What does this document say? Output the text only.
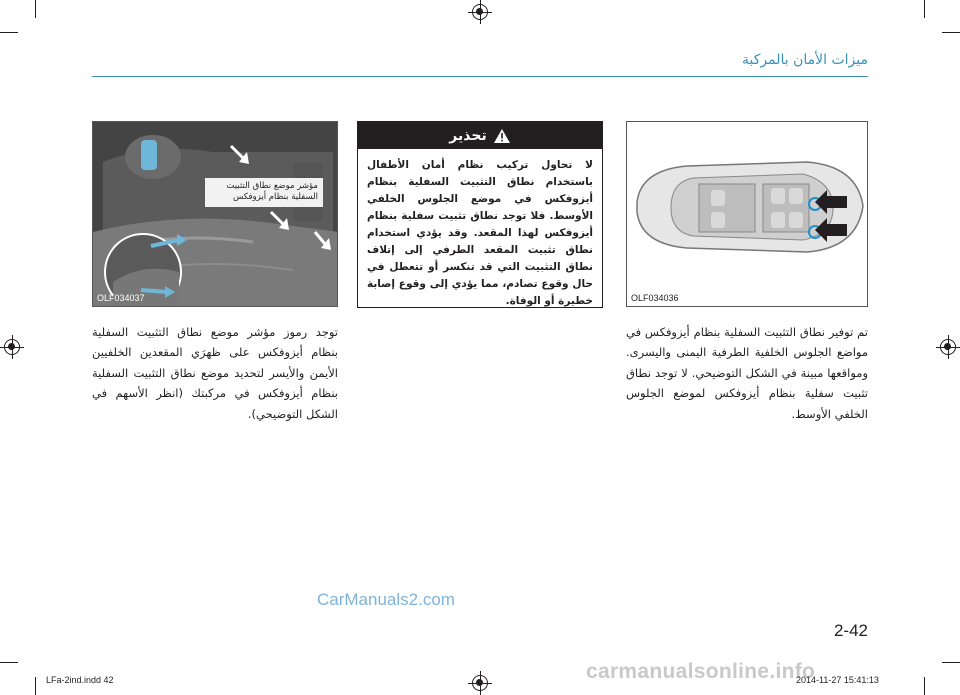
ميزات الأمان بالمركبة
مؤشر موضع نطاق التثبيت السفلية بنظام أيزوفكس
OLF034037
تحذير
لا تحاول تركيب نظام أمان الأطفال باستخدام نطاق التثبيت السفلية بنظام أيزوفكس في موضع الجلوس الخلفي الأوسط. فلا توجد نطاق تثبيت سفلية بنظام أيزوفكس لهذا المقعد. وقد يؤدي استخدام نطاق تثبيت المقعد الطرفي إلى إتلاف نطاق التثبيت التي قد تنكسر أو تتعطل في حال وقوع تصادم، مما يؤدي إلى وقوع إصابة خطيرة أو الوفاة.	OLF034036
توجد رموز مؤشر موضع نطاق التثبيت السفلية بنظام أيزوفكس على ظهرَي المقعدين الخلفيين الأيمن والأيسر لتحديد موضع نطاق التثبيت السفلية بنظام أيزوفكس في مركبتك (انظر الأسهم في الشكل التوضيحي).
تم توفير نطاق التثبيت السفلية بنظام أيزوفكس في مواضع الجلوس الخلفية الطرفية اليمنى واليسرى. ومواقعها مبينة في الشكل التوضيحي. لا توجد نطاق تثبيت سفلية بنظام أيزوفكس لموضع الجلوس الخلفي الأوسط.
CarManuals2.com
2-42
carmanualsonline.info
LFa-2ind.indd 42	2014-11-27 15:41:13
